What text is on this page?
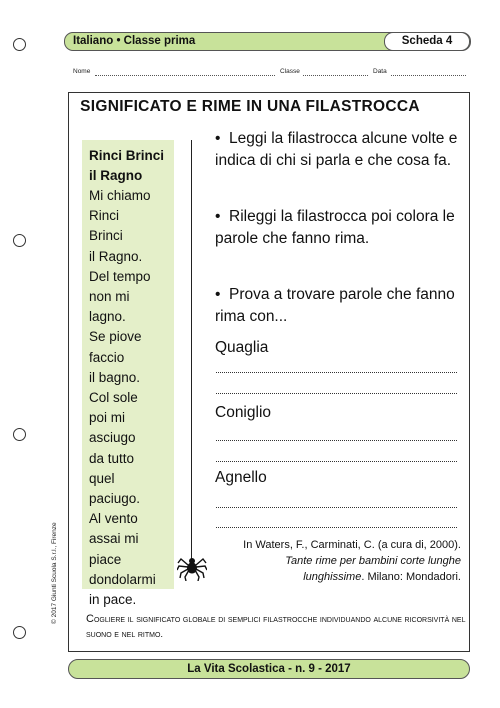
Italiano • Classe prima	Scheda 4
Nome	Classe	Data
SIGNIFICATO E RIME IN UNA FILASTROCCA
Rinci Brinci
il Ragno
Mi chiamo
Rinci
Brinci
il Ragno.
Del tempo
non mi
lagno.
Se piove
faccio
il bagno.
Col sole
poi mi
asciugo
da tutto
quel
paciugo.
Al vento
assai mi
piace
dondolarmi
in pace.
• Leggi la filastrocca alcune volte e indica di chi si parla e che cosa fa.
• Rileggi la filastrocca poi colora le parole che fanno rima.
• Prova a trovare parole che fanno rima con...
Quaglia
Coniglio
Agnello
In Waters, F., Carminati, C. (a cura di, 2000). Tante rime per bambini corte lunghe lunghissime. Milano: Mondadori.
Cogliere il significato globale di semplici filastrocche individuando alcune ricorsività nel suono e nel ritmo.
© 2017 Giunti Scuola S.r.l., Firenze
La Vita Scolastica - n. 9 - 2017
